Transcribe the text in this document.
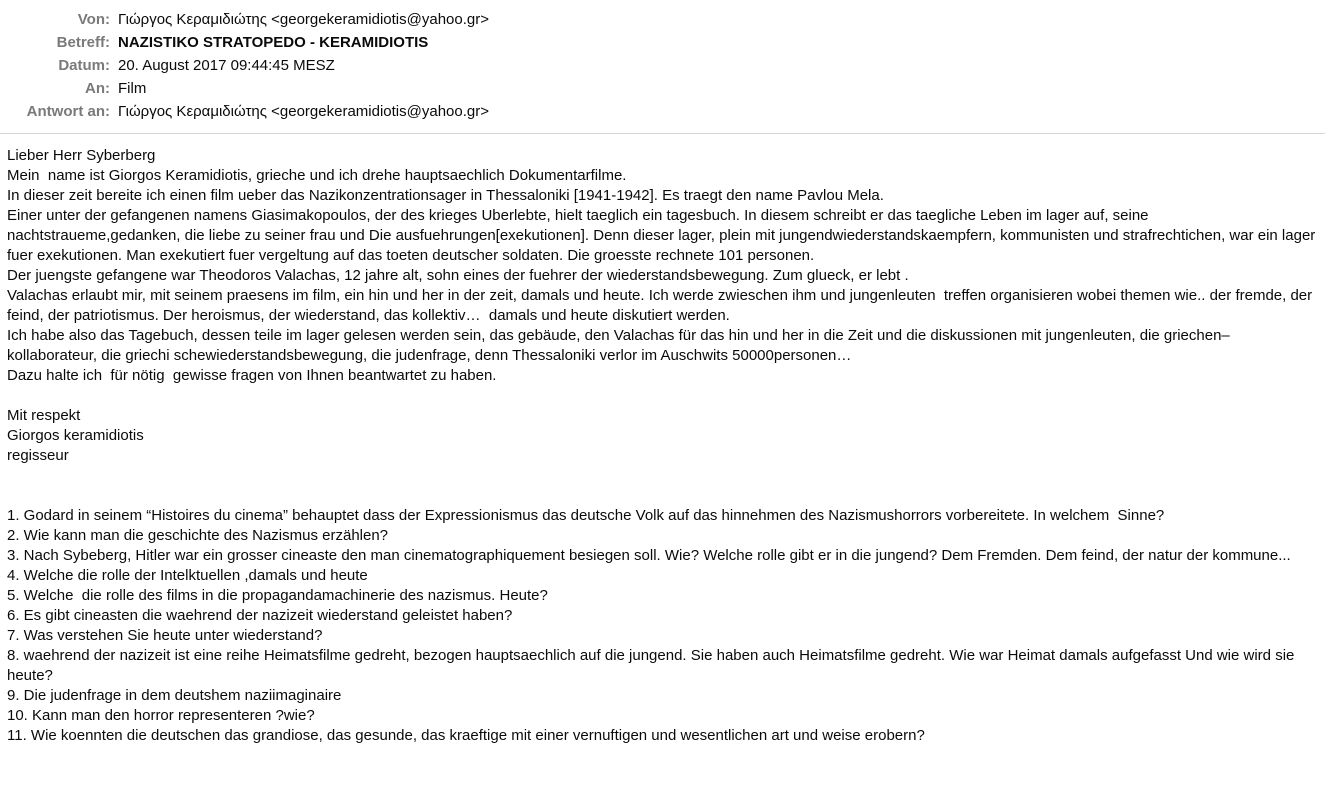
Von: Γιώργος Κεραμιδιώτης <georgekeramidiotis@yahoo.gr>
Betreff: NAZISTIKO STRATOPEDO - KERAMIDIOTIS
Datum: 20. August 2017 09:44:45 MESZ
An: Film
Antwort an: Γιώργος Κεραμιδιώτης <georgekeramidiotis@yahoo.gr>
Lieber Herr Syberberg
Mein  name ist Giorgos Keramidiotis, grieche und ich drehe hauptsaechlich Dokumentarfilme.
In dieser zeit bereite ich einen film ueber das Nazikonzentrationsager in Thessaloniki [1941-1942]. Es traegt den name Pavlou Mela.
Einer unter der gefangenen namens Giasimakopoulos, der des krieges Uberlebte, hielt taeglich ein tagesbuch. In diesem schreibt er das taegliche Leben im lager auf, seine nachtstraueme,gedanken, die liebe zu seiner frau und Die ausfuehrungen[exekutionen]. Denn dieser lager, plein mit jungendwiederstandskaempfern, kommunisten und strafrechtichen, war ein lager fuer exekutionen. Man exekutiert fuer vergeltung auf das toeten deutscher soldaten. Die groesste rechnete 101 personen.
Der juengste gefangene war Theodoros Valachas, 12 jahre alt, sohn eines der fuehrer der wiederstandsbewegung. Zum glueck, er lebt .
Valachas erlaubt mir, mit seinem praesens im film, ein hin und her in der zeit, damals und heute. Ich werde zwieschen ihm und jungenleuten  treffen organisieren wobei themen wie.. der fremde, der feind, der patriotismus. Der heroismus, der wiederstand, das kollektiv…  damals und heute diskutiert werden.
Ich habe also das Tagebuch, dessen teile im lager gelesen werden sein, das gebäude, den Valachas für das hin und her in die Zeit und die diskussionen mit jungenleuten, die griechen–kollaborateur, die griechi schewiederstandsbewegung, die judenfrage, denn Thessaloniki verlor im Auschwits 50000personen…
Dazu halte ich  für nötig  gewisse fragen von Ihnen beantwartet zu haben.
Mit respekt
Giorgos keramidiotis
regisseur
1. Godard in seinem “Histoires du cinema” behauptet dass der Expressionismus das deutsche Volk auf das hinnehmen des Nazismushorrors vorbereitete. In welchem  Sinne?
2. Wie kann man die geschichte des Nazismus erzählen?
3. Nach Sybeberg, Hitler war ein grosser cineaste den man cinematographiquement besiegen soll. Wie? Welche rolle gibt er in die jungend? Dem Fremden. Dem feind, der natur der kommune...
4. Welche die rolle der Intelktuellen ,damals und heute
5. Welche  die rolle des films in die propagandamachinerie des nazismus. Heute?
6. Es gibt cineasten die waehrend der nazizeit wiederstand geleistet haben?
7. Was verstehen Sie heute unter wiederstand?
8. waehrend der nazizeit ist eine reihe Heimatsfilme gedreht, bezogen hauptsaechlich auf die jungend. Sie haben auch Heimatsfilme gedreht. Wie war Heimat damals aufgefasst Und wie wird sie heute?
9. Die judenfrage in dem deutshem naziimaginaire
10. Kann man den horror representeren ?wie?
11. Wie koennten die deutschen das grandiose, das gesunde, das kraeftige mit einer vernuftigen und wesentlichen art und weise erobern?
